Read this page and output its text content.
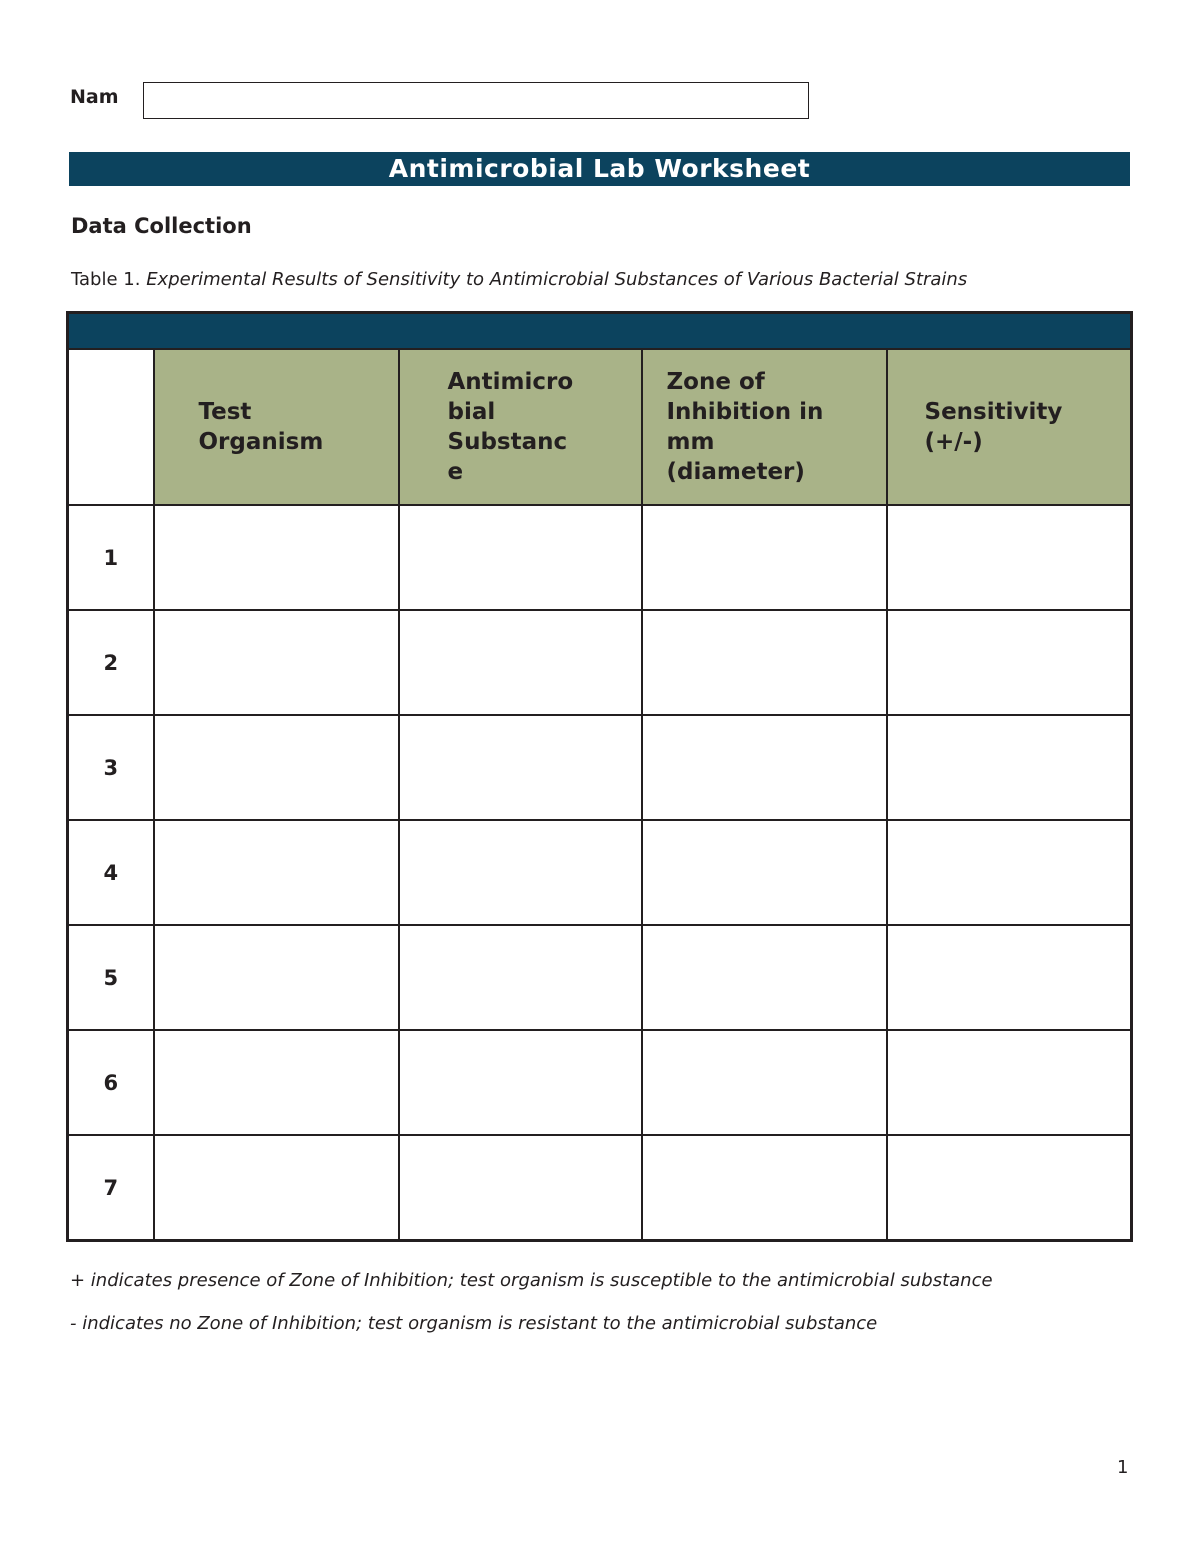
Nam
Antimicrobial Lab Worksheet
Data Collection
Table 1. Experimental Results of Sensitivity to Antimicrobial Substances of Various Bacterial Strains

	Test
Organism	Antimicro
bial
Substanc
e	Zone of
Inhibition in
mm
(diameter)	Sensitivity
(+/-)

1				
2				
3				
4				
5				
6				
7				
+ indicates presence of Zone of Inhibition; test organism is susceptible to the antimicrobial substance
- indicates no Zone of Inhibition; test organism is resistant to the antimicrobial substance
1
